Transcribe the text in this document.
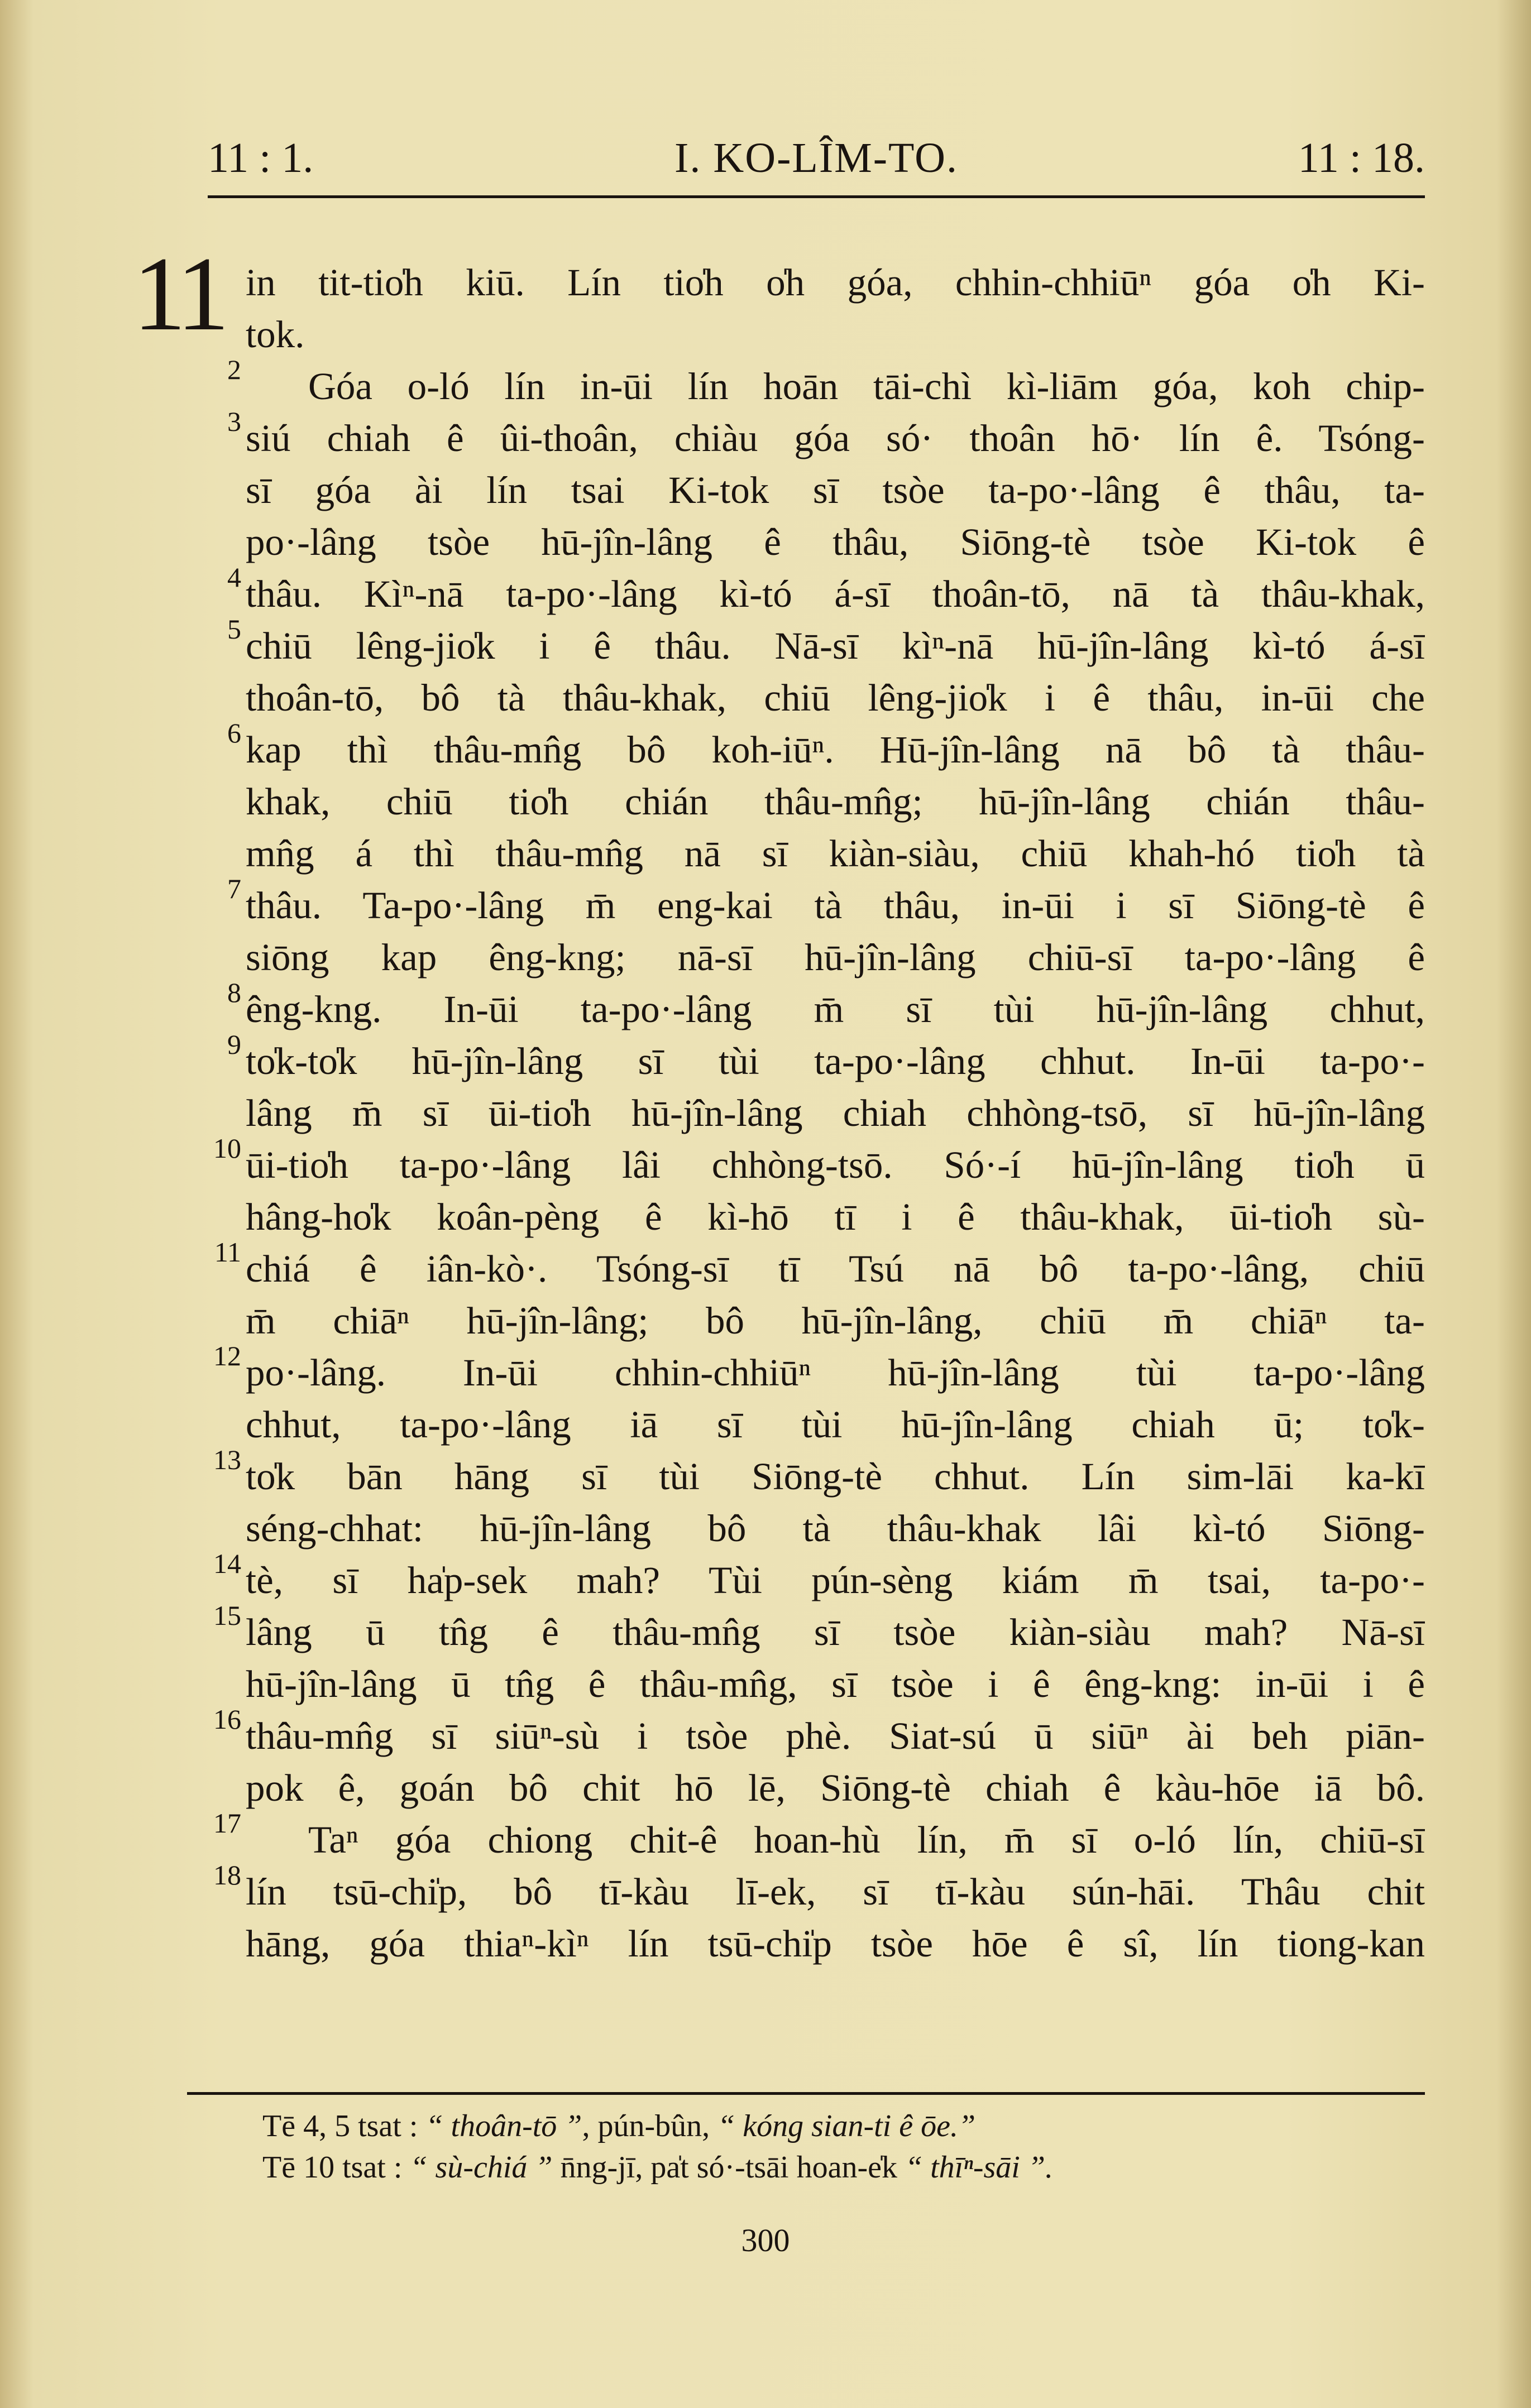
11 : 1.	I. KO-LÎM-TO.	11 : 18.
11
2
3
4
5
6
7
8
9
10
11
12
13
14
15
16
17
18
in tit-tio̍h kiū. Lín tio̍h o̍h góa, chhin-chhiūⁿ góa o̍h Ki-
tok.
Góa o-ló lín in-ūi lín hoān tāi-chì kì-liām góa, koh chip-
siú chiah ê ûi-thoân, chiàu góa só· thoân hō· lín ê. Tsóng-
sī góa ài lín tsai Ki-tok sī tsòe ta-po·-lâng ê thâu, ta-
po·-lâng tsòe hū-jîn-lâng ê thâu, Siōng-tè tsòe Ki-tok ê
thâu. Kìⁿ-nā ta-po·-lâng kì-tó á-sī thoân-tō, nā tà thâu-khak,
chiū lêng-jio̍k i ê thâu. Nā-sī kìⁿ-nā hū-jîn-lâng kì-tó á-sī
thoân-tō, bô tà thâu-khak, chiū lêng-jio̍k i ê thâu, in-ūi che
kap thì thâu-mn̂g bô koh-iūⁿ. Hū-jîn-lâng nā bô tà thâu-
khak, chiū tio̍h chián thâu-mn̂g; hū-jîn-lâng chián thâu-
mn̂g á thì thâu-mn̂g nā sī kiàn-siàu, chiū khah-hó tio̍h tà
thâu. Ta-po·-lâng m̄ eng-kai tà thâu, in-ūi i sī Siōng-tè ê
siōng kap êng-kng; nā-sī hū-jîn-lâng chiū-sī ta-po·-lâng ê
êng-kng. In-ūi ta-po·-lâng m̄ sī tùi hū-jîn-lâng chhut,
to̍k-to̍k hū-jîn-lâng sī tùi ta-po·-lâng chhut. In-ūi ta-po·-
lâng m̄ sī ūi-tio̍h hū-jîn-lâng chiah chhòng-tsō, sī hū-jîn-lâng
ūi-tio̍h ta-po·-lâng lâi chhòng-tsō. Só·-í hū-jîn-lâng tio̍h ū
hâng-ho̍k koân-pèng ê kì-hō tī i ê thâu-khak, ūi-tio̍h sù-
chiá ê iân-kò·. Tsóng-sī tī Tsú nā bô ta-po·-lâng, chiū
m̄ chiāⁿ hū-jîn-lâng; bô hū-jîn-lâng, chiū m̄ chiāⁿ ta-
po·-lâng. In-ūi chhin-chhiūⁿ hū-jîn-lâng tùi ta-po·-lâng
chhut, ta-po·-lâng iā sī tùi hū-jîn-lâng chiah ū; to̍k-
to̍k bān hāng sī tùi Siōng-tè chhut. Lín sim-lāi ka-kī
séng-chhat: hū-jîn-lâng bô tà thâu-khak lâi kì-tó Siōng-
tè, sī ha̍p-sek mah? Tùi pún-sèng kiám m̄ tsai, ta-po·-
lâng ū tn̂g ê thâu-mn̂g sī tsòe kiàn-siàu mah? Nā-sī
hū-jîn-lâng ū tn̂g ê thâu-mn̂g, sī tsòe i ê êng-kng: in-ūi i ê
thâu-mn̂g sī siūⁿ-sù i tsòe phè. Siat-sú ū siūⁿ ài beh piān-
pok ê, goán bô chit hō lē, Siōng-tè chiah ê kàu-hōe iā bô.
Taⁿ góa chiong chit-ê hoan-hù lín, m̄ sī o-ló lín, chiū-sī
lín tsū-chi̍p, bô tī-kàu lī-ek, sī tī-kàu sún-hāi. Thâu chit
hāng, góa thiaⁿ-kìⁿ lín tsū-chi̍p tsòe hōe ê sî, lín tiong-kan
Tē 4, 5 tsat : “ thoân-tō ”, pún-bûn, “ kóng sian-ti ê ōe.”
Tē 10 tsat : “ sù-chiá ” n̄ng-jī, pa̍t só·-tsāi hoan-e̍k “ thīⁿ-sāi ”.
300
